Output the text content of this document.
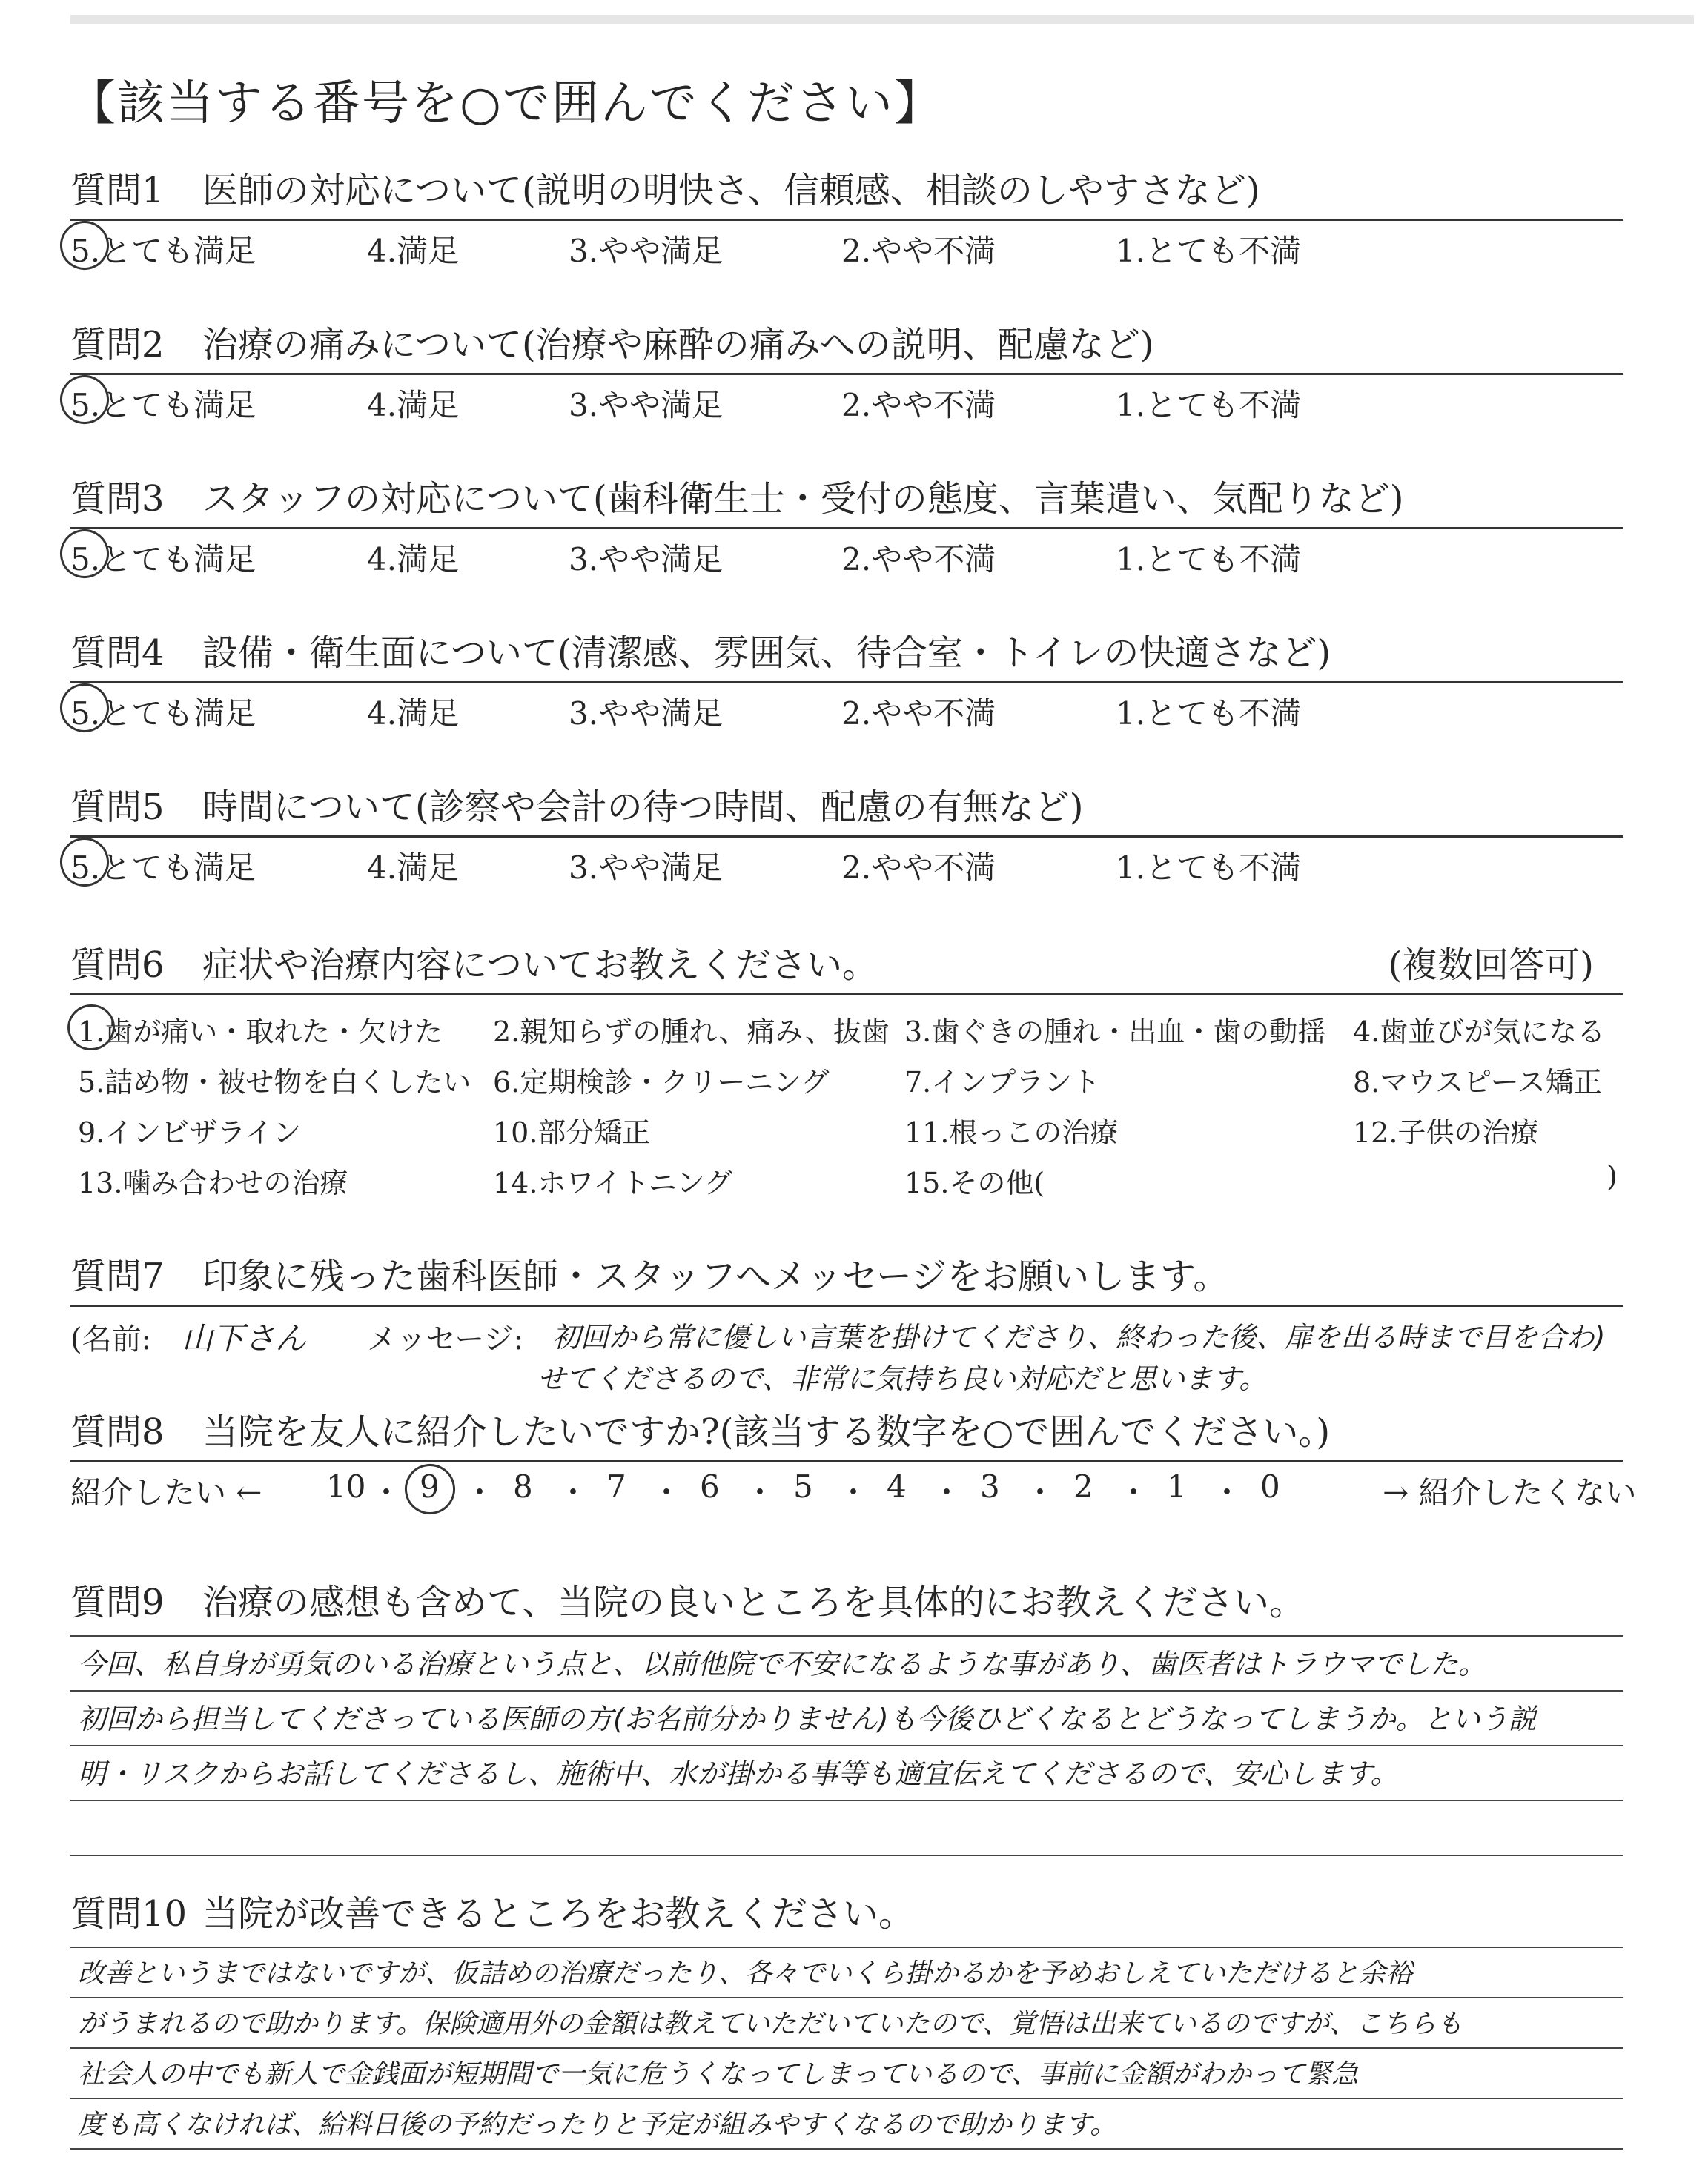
【該当する番号を○で囲んでください】
質問1	医師の対応について(説明の明快さ、信頼感、相談のしやすさなど)
5.とても満足	4.満足	3.やや満足	2.やや不満	1.とても不満
質問2	治療の痛みについて(治療や麻酔の痛みへの説明、配慮など)
5.とても満足	4.満足	3.やや満足	2.やや不満	1.とても不満
質問3	スタッフの対応について(歯科衛生士・受付の態度、言葉遣い、気配りなど)
5.とても満足	4.満足	3.やや満足	2.やや不満	1.とても不満
質問4	設備・衛生面について(清潔感、雰囲気、待合室・トイレの快適さなど)
5.とても満足	4.満足	3.やや満足	2.やや不満	1.とても不満
質問5	時間について(診察や会計の待つ時間、配慮の有無など)
5.とても満足	4.満足	3.やや満足	2.やや不満	1.とても不満
質問6	症状や治療内容についてお教えください。	(複数回答可)
1.歯が痛い・取れた・欠けた 2.親知らずの腫れ、痛み、抜歯 3.歯ぐきの腫れ・出血・歯の動揺 4.歯並びが気になる
5.詰め物・被せ物を白くしたい 6.定期検診・クリーニング	7.インプラント	8.マウスピース矯正
9.インビザライン	10.部分矯正	11.根っこの治療	12.子供の治療
13.噛み合わせの治療	14.ホワイトニング	15.その他(	)
質問7	印象に残った歯科医師・スタッフへメッセージをお願いします。
(名前: 山下さん メッセージ: 初回から常に優しい言葉を掛けてくださり、終わった後、扉を出る時まで目を合わ)
せてくださるので、非常に気持ち良い対応だと思います。
質問8	当院を友人に紹介したいですか?(該当する数字を○で囲んでください。)
紹介したい ←	→ 紹介したくない
10 ・ 9 ・ 8 ・ 7 ・ 6 ・ 5 ・ 4 ・ 3 ・ 2 ・ 1 ・ 0
質問9	治療の感想も含めて、当院の良いところを具体的にお教えください。
今回、私自身が勇気のいる治療という点と、以前他院で不安になるような事があり、歯医者はトラウマでした。
初回から担当してくださっている医師の方(お名前分かりません)も今後ひどくなるとどうなってしまうか。という説
明・リスクからお話してくださるし、施術中、水が掛かる事等も適宜伝えてくださるので、安心します。
質問10 当院が改善できるところをお教えください。
改善というまではないですが、仮詰めの治療だったり、各々でいくら掛かるかを予めおしえていただけると余裕
がうまれるので助かります。保険適用外の金額は教えていただいていたので、覚悟は出来ているのですが、こちらも
社会人の中でも新人で金銭面が短期間で一気に危うくなってしまっているので、事前に金額がわかって緊急
度も高くなければ、給料日後の予約だったりと予定が組みやすくなるので助かります。
